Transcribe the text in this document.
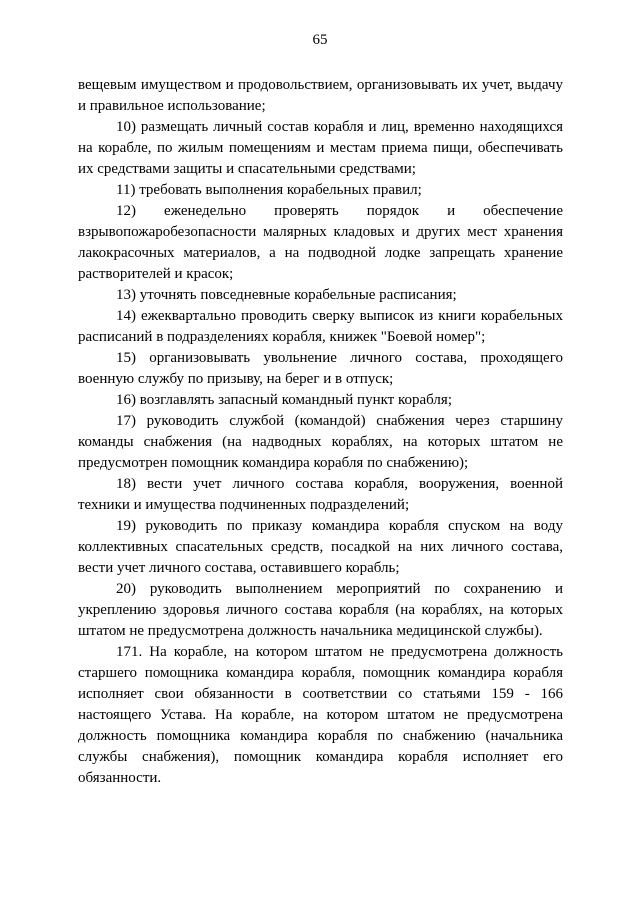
65

вещевым имуществом и продовольствием, организовывать их учет, выдачу и правильное использование;

10) размещать личный состав корабля и лиц, временно находящихся на корабле, по жилым помещениям и местам приема пищи, обеспечивать их средствами защиты и спасательными средствами;

11) требовать выполнения корабельных правил;

12) еженедельно проверять порядок и обеспечение взрывопожаробезопасности малярных кладовых и других мест хранения лакокрасочных материалов, а на подводной лодке запрещать хранение растворителей и красок;

13) уточнять повседневные корабельные расписания;

14) ежеквартально проводить сверку выписок из книги корабельных расписаний в подразделениях корабля, книжек "Боевой номер";

15) организовывать увольнение личного состава, проходящего военную службу по призыву, на берег и в отпуск;

16) возглавлять запасный командный пункт корабля;

17) руководить службой (командой) снабжения через старшину команды снабжения (на надводных кораблях, на которых штатом не предусмотрен помощник командира корабля по снабжению);

18) вести учет личного состава корабля, вооружения, военной техники и имущества подчиненных подразделений;

19) руководить по приказу командира корабля спуском на воду коллективных спасательных средств, посадкой на них личного состава, вести учет личного состава, оставившего корабль;

20) руководить выполнением мероприятий по сохранению и укреплению здоровья личного состава корабля (на кораблях, на которых штатом не предусмотрена должность начальника медицинской службы).

171. На корабле, на котором штатом не предусмотрена должность старшего помощника командира корабля, помощник командира корабля исполняет свои обязанности в соответствии со статьями 159 - 166 настоящего Устава. На корабле, на котором штатом не предусмотрена должность помощника командира корабля по снабжению (начальника службы снабжения), помощник командира корабля исполняет его обязанности.
